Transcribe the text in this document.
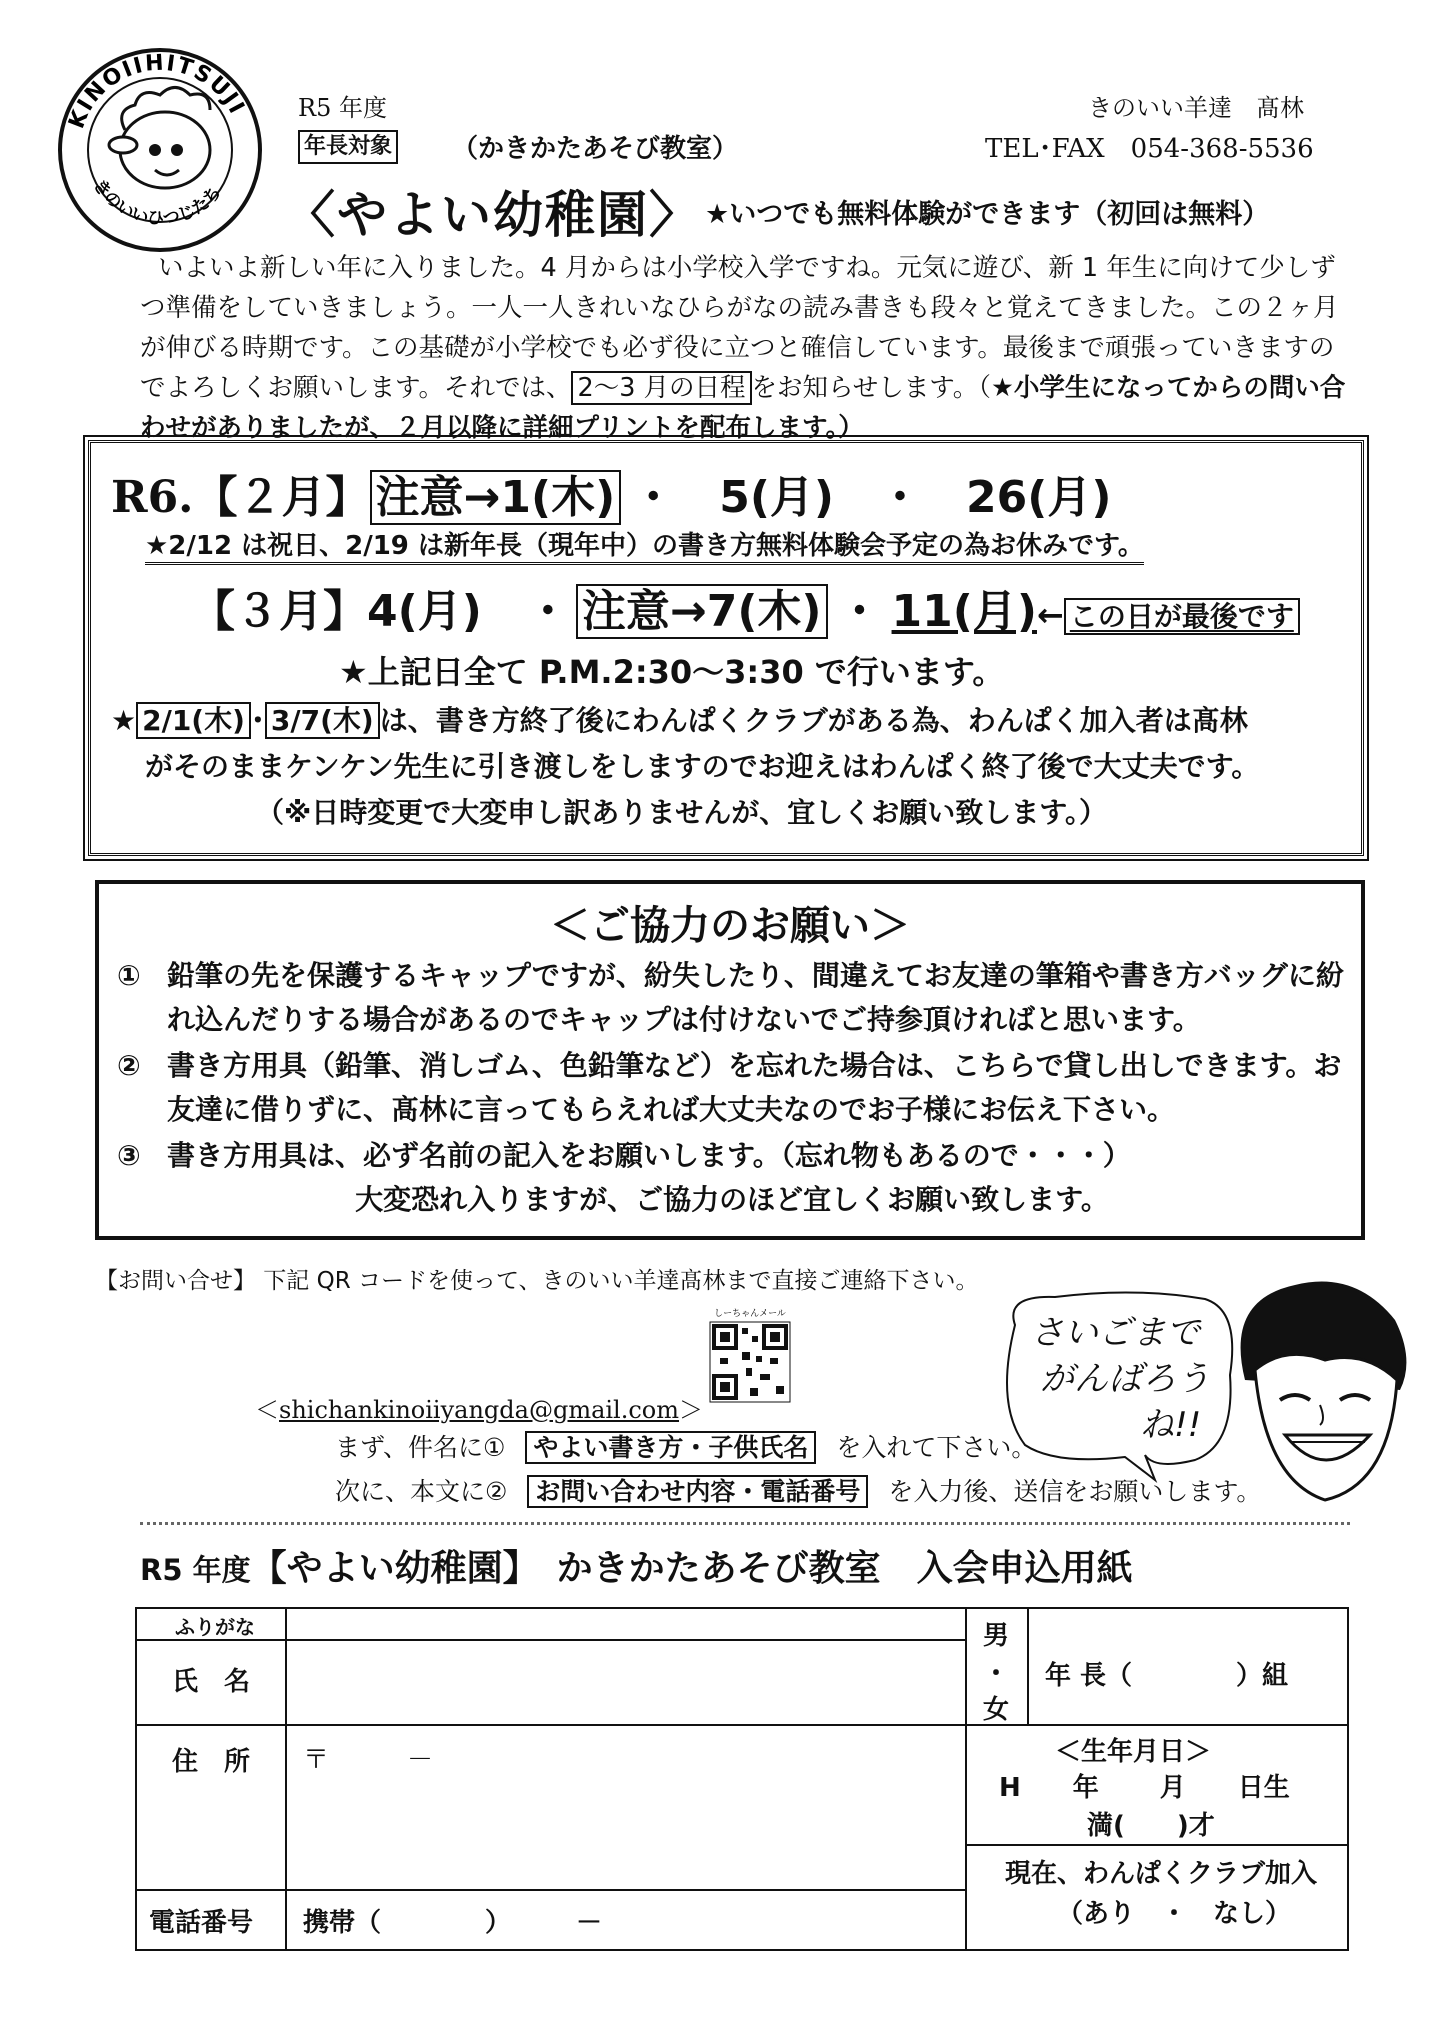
KINOIIHITSUJI
きのいいひつじたち
R5 年度
年長対象 （かきかたあそび教室）
きのいい羊達　髙林
TEL･FAX　054-368-5536
〈やよい幼稚園〉 ★いつでも無料体験ができます（初回は無料）
いよいよ新しい年に入りました。4 月からは小学校入学ですね。元気に遊び、新 1 年生に向けて少しずつ準備をしていきましょう。一人一人きれいなひらがなの読み書きも段々と覚えてきました。この２ヶ月が伸びる時期です。この基礎が小学校でも必ず役に立つと確信しています。最後まで頑張っていきますのでよろしくお願いします。それでは、 2～3 月の日程 をお知らせします。（★小学生になってからの問い合わせがありましたが、２月以降に詳細プリントを配布します。）
R6.【２月】 注意→1(木) ・　5(月)　・　26(月)
★2/12 は祝日、2/19 は新年長（現年中）の書き方無料体験会予定の為お休みです。
【３月】4(月)　・ 注意→7(木) ・ 11(月)← この日が最後です
★上記日全て P.M.2:30～3:30 で行います。
★ 2/1(木) ･ 3/7(木) は、書き方終了後にわんぱくクラブがある為、わんぱく加入者は髙林
がそのままケンケン先生に引き渡しをしますのでお迎えはわんぱく終了後で大丈夫です。
（※日時変更で大変申し訳ありませんが、宜しくお願い致します。）
＜ご協力のお願い＞
① 鉛筆の先を保護するキャップですが、紛失したり、間違えてお友達の筆箱や書き方バッグに紛れ込んだりする場合があるのでキャップは付けないでご持参頂ければと思います。
② 書き方用具（鉛筆、消しゴム、色鉛筆など）を忘れた場合は、こちらで貸し出しできます。お友達に借りずに、髙林に言ってもらえれば大丈夫なのでお子様にお伝え下さい。
③ 書き方用具は、必ず名前の記入をお願いします。（忘れ物もあるので・・・）
大変恐れ入りますが、ご協力のほど宜しくお願い致します。
【お問い合せ】 下記 QR コードを使って、きのいい羊達髙林まで直接ご連絡下さい。
しーちゃんメール
＜shichankinoiiyangda@gmail.com＞
まず、件名に① やよい書き方・子供氏名 を入れて下さい。
次に、本文に② お問い合わせ内容・電話番号 を入力後、送信をお願いします。
さいごまで
がんばろう
ね!!
R5 年度【やよい幼稚園】　かきかたあそび教室　入会申込用紙
ふりがな
氏　名
男
・
女
年 長（　　　　）組
住　所 〒　　　－	＜生年月日＞
H　　年　　 月　　日生
満(　　)才
現在、わんぱくクラブ加入
（あり　・　なし）
電話番号 携帯（　　　　）　　　－
